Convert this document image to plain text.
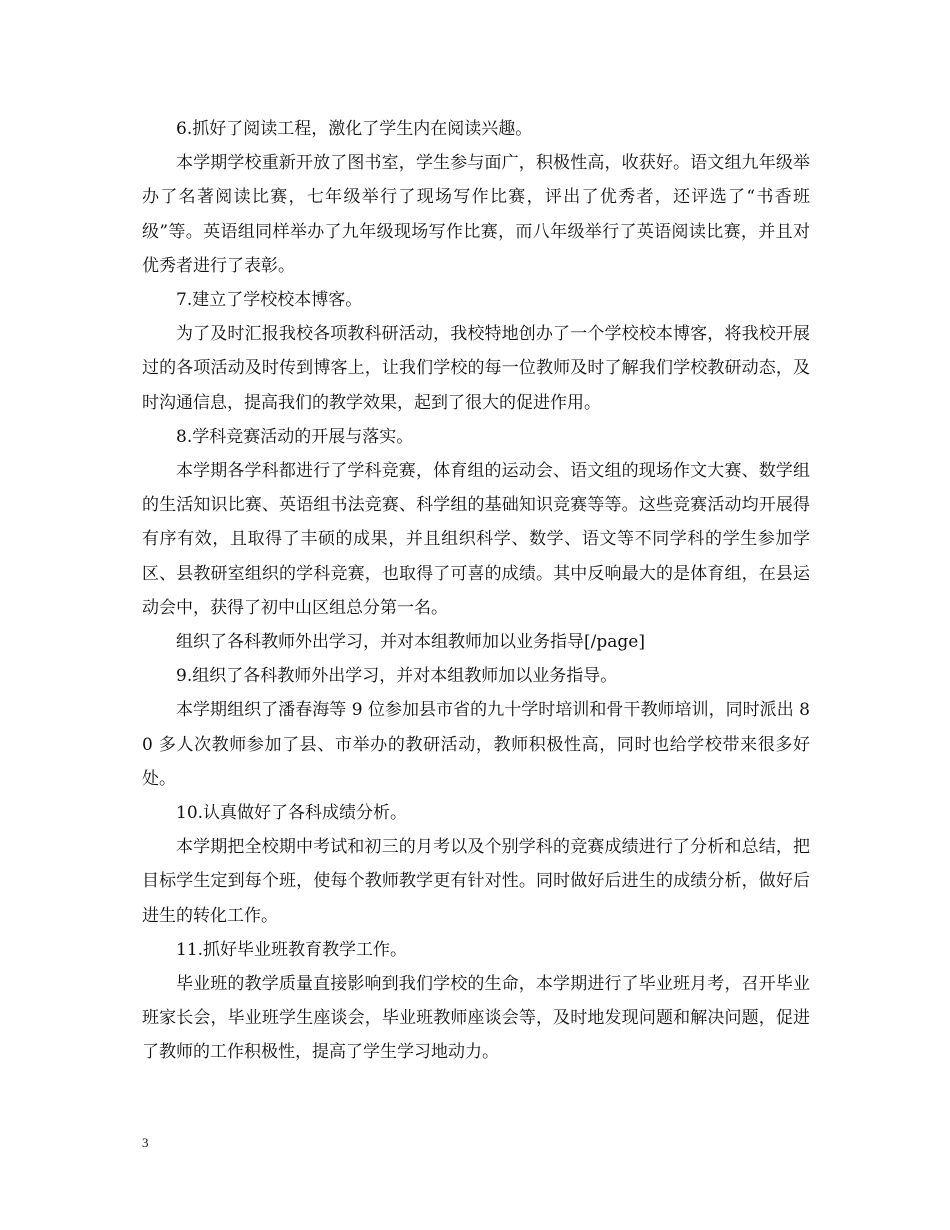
6.抓好了阅读工程，激化了学生内在阅读兴趣。

本学期学校重新开放了图书室，学生参与面广，积极性高，收获好。语文组九年级举办了名著阅读比赛，七年级举行了现场写作比赛，评出了优秀者，还评选了“书香班级”等。英语组同样举办了九年级现场写作比赛，而八年级举行了英语阅读比赛，并且对优秀者进行了表彰。

7.建立了学校校本博客。

为了及时汇报我校各项教科研活动，我校特地创办了一个学校校本博客，将我校开展过的各项活动及时传到博客上，让我们学校的每一位教师及时了解我们学校教研动态，及时沟通信息，提高我们的教学效果，起到了很大的促进作用。

8.学科竞赛活动的开展与落实。

本学期各学科都进行了学科竞赛，体育组的运动会、语文组的现场作文大赛、数学组的生活知识比赛、英语组书法竞赛、科学组的基础知识竞赛等等。这些竞赛活动均开展得有序有效，且取得了丰硕的成果，并且组织科学、数学、语文等不同学科的学生参加学区、县教研室组织的学科竞赛，也取得了可喜的成绩。其中反响最大的是体育组，在县运动会中，获得了初中山区组总分第一名。

组织了各科教师外出学习，并对本组教师加以业务指导[/page]

9.组织了各科教师外出学习，并对本组教师加以业务指导。

本学期组织了潘春海等 9 位参加县市省的九十学时培训和骨干教师培训，同时派出 80 多人次教师参加了县、市举办的教研活动，教师积极性高，同时也给学校带来很多好处。

10.认真做好了各科成绩分析。

本学期把全校期中考试和初三的月考以及个别学科的竞赛成绩进行了分析和总结，把目标学生定到每个班，使每个教师教学更有针对性。同时做好后进生的成绩分析，做好后进生的转化工作。

11.抓好毕业班教育教学工作。

毕业班的教学质量直接影响到我们学校的生命，本学期进行了毕业班月考，召开毕业班家长会，毕业班学生座谈会，毕业班教师座谈会等，及时地发现问题和解决问题，促进了教师的工作积极性，提高了学生学习地动力。

3
